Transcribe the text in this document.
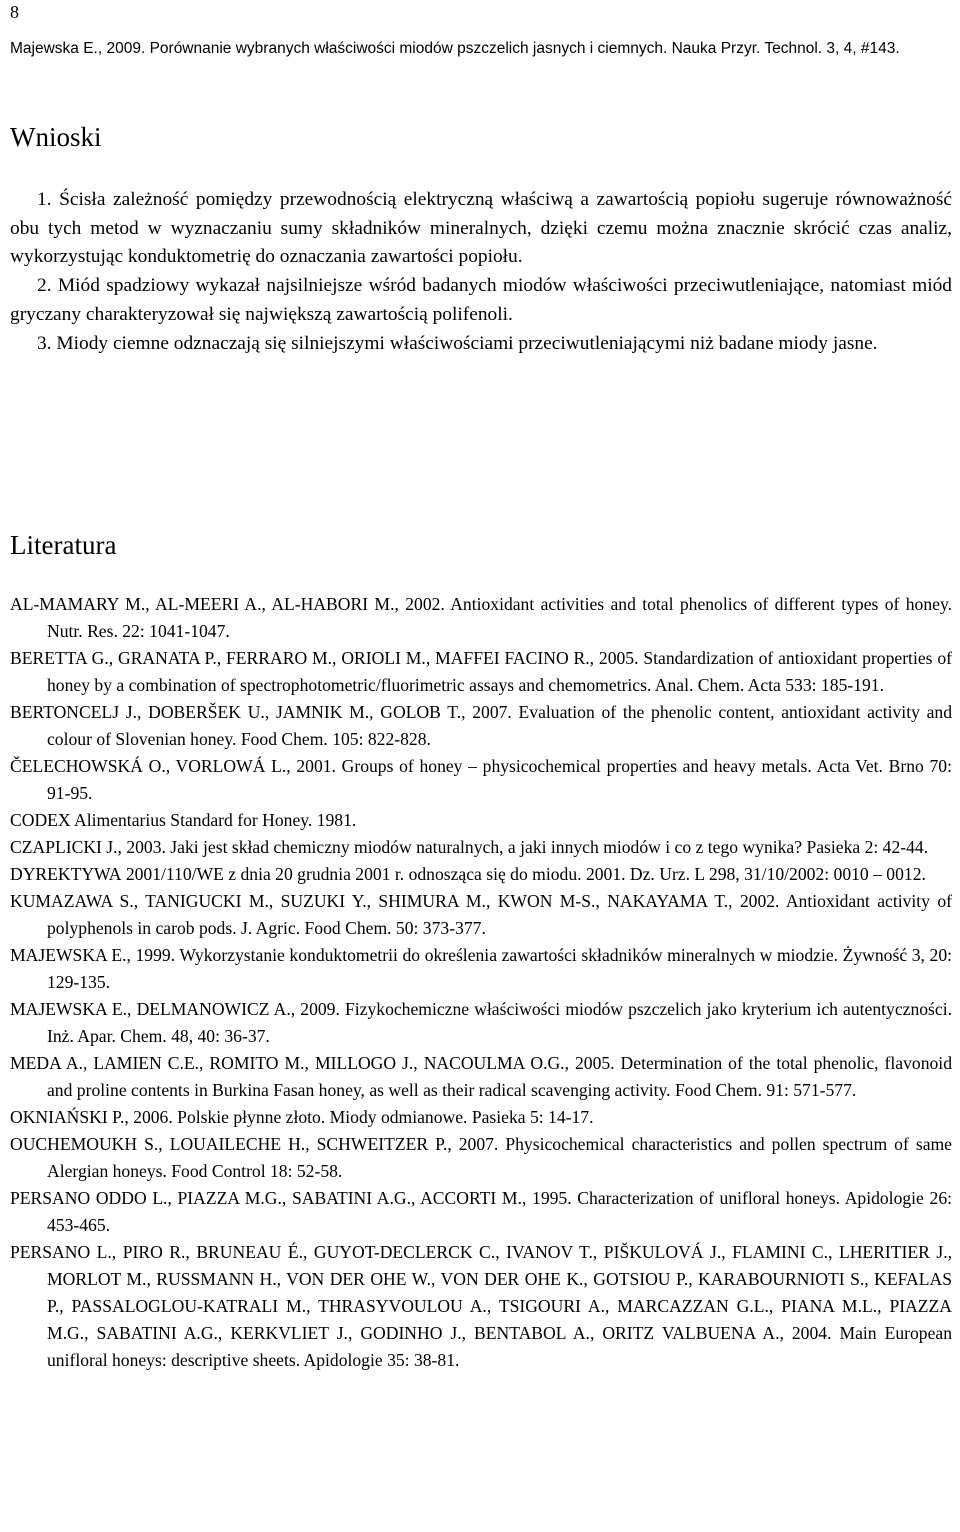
8
Majewska E., 2009. Porównanie wybranych właściwości miodów pszczelich jasnych i ciemnych. Nauka Przyr. Technol. 3, 4, #143.
Wnioski

1. Ścisła zależność pomiędzy przewodnością elektryczną właściwą a zawartością popiołu sugeruje równoważność obu tych metod w wyznaczaniu sumy składników mineralnych, dzięki czemu można znacznie skrócić czas analiz, wykorzystując konduktometrię do oznaczania zawartości popiołu.

2. Miód spadziowy wykazał najsilniejsze wśród badanych miodów właściwości przeciwutleniające, natomiast miód gryczany charakteryzował się największą zawartością polifenoli.

3. Miody ciemne odznaczają się silniejszymi właściwościami przeciwutleniającymi niż badane miody jasne.

Literatura

AL-MAMARY M., AL-MEERI A., AL-HABORI M., 2002. Antioxidant activities and total phenolics of different types of honey. Nutr. Res. 22: 1041-1047.

BERETTA G., GRANATA P., FERRARO M., ORIOLI M., MAFFEI FACINO R., 2005. Standardization of antioxidant properties of honey by a combination of spectrophotometric/fluorimetric assays and chemometrics. Anal. Chem. Acta 533: 185-191.

BERTONCELJ J., DOBERŠEK U., JAMNIK M., GOLOB T., 2007. Evaluation of the phenolic content, antioxidant activity and colour of Slovenian honey. Food Chem. 105: 822-828.

ČELECHOWSKÁ O., VORLOWÁ L., 2001. Groups of honey – physicochemical properties and heavy metals. Acta Vet. Brno 70: 91-95.

CODEX Alimentarius Standard for Honey. 1981.

CZAPLICKI J., 2003. Jaki jest skład chemiczny miodów naturalnych, a jaki innych miodów i co z tego wynika? Pasieka 2: 42-44.

DYREKTYWA 2001/110/WE z dnia 20 grudnia 2001 r. odnosząca się do miodu. 2001. Dz. Urz. L 298, 31/10/2002: 0010 – 0012.

KUMAZAWA S., TANIGUCKI M., SUZUKI Y., SHIMURA M., KWON M-S., NAKAYAMA T., 2002. Antioxidant activity of polyphenols in carob pods. J. Agric. Food Chem. 50: 373-377.

MAJEWSKA E., 1999. Wykorzystanie konduktometrii do określenia zawartości składników mineralnych w miodzie. Żywność 3, 20: 129-135.

MAJEWSKA E., DELMANOWICZ A., 2009. Fizykochemiczne właściwości miodów pszczelich jako kryterium ich autentyczności. Inż. Apar. Chem. 48, 40: 36-37.

MEDA A., LAMIEN C.E., ROMITO M., MILLOGO J., NACOULMA O.G., 2005. Determination of the total phenolic, flavonoid and proline contents in Burkina Fasan honey, as well as their radical scavenging activity. Food Chem. 91: 571-577.

OKNIAŃSKI P., 2006. Polskie płynne złoto. Miody odmianowe. Pasieka 5: 14-17.

OUCHEMOUKH S., LOUAILECHE H., SCHWEITZER P., 2007. Physicochemical characteristics and pollen spectrum of same Alergian honeys. Food Control 18: 52-58.

PERSANO ODDO L., PIAZZA M.G., SABATINI A.G., ACCORTI M., 1995. Characterization of unifloral honeys. Apidologie 26: 453-465.

PERSANO L., PIRO R., BRUNEAU É., GUYOT-DECLERCK C., IVANOV T., PIŠKULOVÁ J., FLAMINI C., LHERITIER J., MORLOT M., RUSSMANN H., VON DER OHE W., VON DER OHE K., GOTSIOU P., KARABOURNIOTI S., KEFALAS P., PASSALOGLOU-KATRALI M., THRASYVOULOU A., TSIGOURI A., MARCAZZAN G.L., PIANA M.L., PIAZZA M.G., SABATINI A.G., KERKVLIET J., GODINHO J., BENTABOL A., ORITZ VALBUENA A., 2004. Main European unifloral honeys: descriptive sheets. Apidologie 35: 38-81.
